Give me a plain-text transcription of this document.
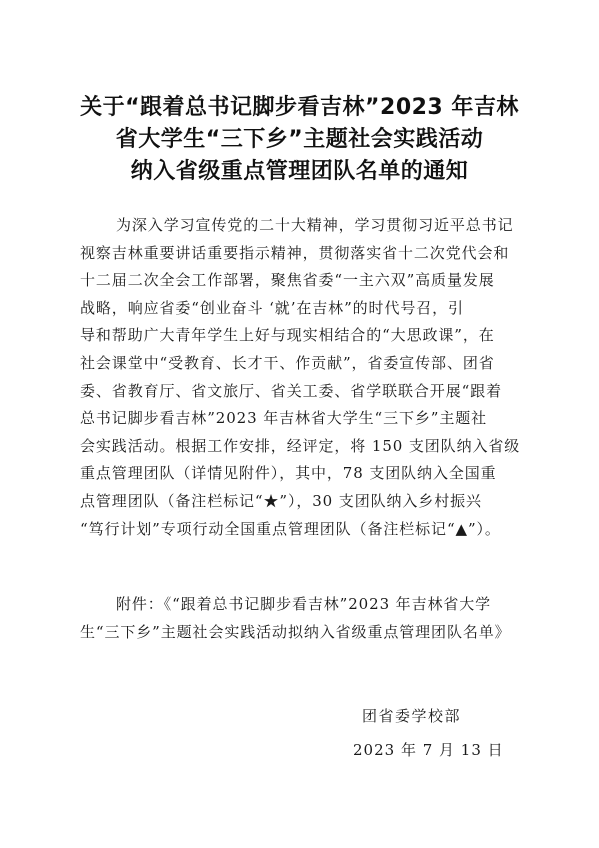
关于“跟着总书记脚步看吉林”2023 年吉林
省大学生“三下乡”主题社会实践活动
纳入省级重点管理团队名单的通知
为深入学习宣传党的二十大精神，学习贯彻习近平总书记
视察吉林重要讲话重要指示精神，贯彻落实省十二次党代会和
十二届二次全会工作部署，聚焦省委“一主六双”高质量发展
战略，响应省委“创业奋斗 ‘就’在吉林”的时代号召，引
导和帮助广大青年学生上好与现实相结合的“大思政课”，在
社会课堂中“受教育、长才干、作贡献”，省委宣传部、团省
委、省教育厅、省文旅厅、省关工委、省学联联合开展“跟着
总书记脚步看吉林”2023 年吉林省大学生“三下乡”主题社
会实践活动。根据工作安排，经评定，将 150 支团队纳入省级
重点管理团队（详情见附件），其中，78 支团队纳入全国重
点管理团队（备注栏标记“★”），30 支团队纳入乡村振兴
“笃行计划”专项行动全国重点管理团队（备注栏标记“▲”）。
附件：《“跟着总书记脚步看吉林”2023 年吉林省大学
生“三下乡”主题社会实践活动拟纳入省级重点管理团队名单》
团省委学校部
2023 年 7 月 13 日
